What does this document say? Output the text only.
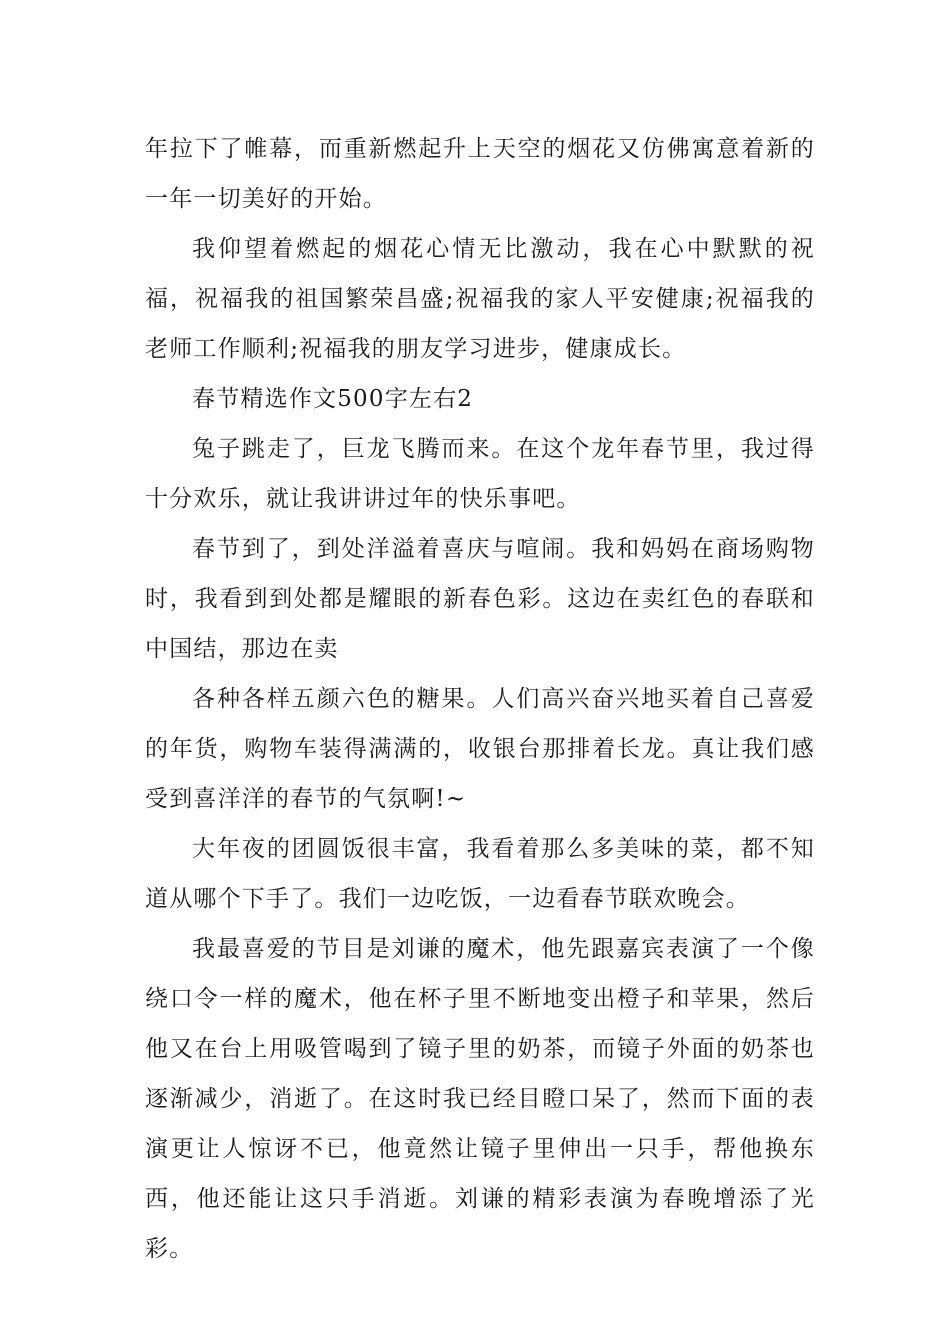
年拉下了帷幕，而重新燃起升上天空的烟花又仿佛寓意着新的一年一切美好的开始。

我仰望着燃起的烟花心情无比激动，我在心中默默的祝福，祝福我的祖国繁荣昌盛;祝福我的家人平安健康;祝福我的老师工作顺利;祝福我的朋友学习进步，健康成长。

春节精选作文500字左右2

兔子跳走了，巨龙飞腾而来。在这个龙年春节里，我过得十分欢乐，就让我讲讲过年的快乐事吧。

春节到了，到处洋溢着喜庆与喧闹。我和妈妈在商场购物时，我看到到处都是耀眼的新春色彩。这边在卖红色的春联和中国结，那边在卖

各种各样五颜六色的糖果。人们高兴奋兴地买着自己喜爱的年货，购物车装得满满的，收银台那排着长龙。真让我们感受到喜洋洋的春节的气氛啊!~

大年夜的团圆饭很丰富，我看着那么多美味的菜，都不知道从哪个下手了。我们一边吃饭，一边看春节联欢晚会。

我最喜爱的节目是刘谦的魔术，他先跟嘉宾表演了一个像绕口令一样的魔术，他在杯子里不断地变出橙子和苹果，然后他又在台上用吸管喝到了镜子里的奶茶，而镜子外面的奶茶也逐渐减少，消逝了。在这时我已经目瞪口呆了，然而下面的表演更让人惊讶不已，他竟然让镜子里伸出一只手，帮他换东西，他还能让这只手消逝。刘谦的精彩表演为春晚增添了光彩。
